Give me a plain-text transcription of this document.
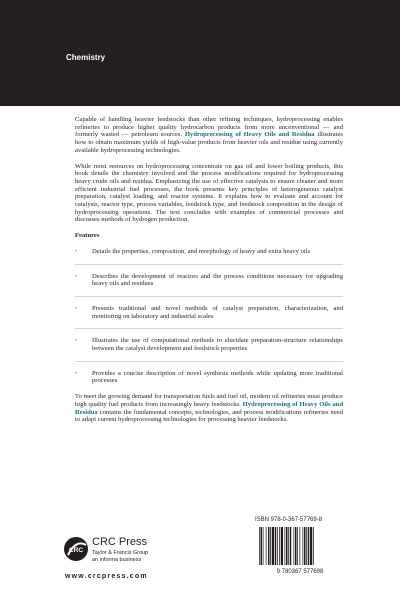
Chemistry

Capable of handling heavier feedstocks than other refining techniques, hydroprocessing enables refineries to produce higher quality hydrocarbon products from more unconventional — and formerly wasted — petroleum sources. Hydroprocessing of Heavy Oils and Residua illustrates how to obtain maximum yields of high-value products from heavier oils and residue using currently available hydroprocessing technologies.

While most resources on hydroprocessing concentrate on gas oil and lower boiling products, this book details the chemistry involved and the process modifications required for hydroprocessing heavy crude oils and residua. Emphasizing the use of effective catalysts to ensure cleaner and more efficient industrial fuel processes, the book presents key principles of heterogeneous catalyst preparation, catalyst loading, and reactor systems. It explains how to evaluate and account for catalysts, reactor type, process variables, feedstock type, and feedstock composition in the design of hydroprocessing operations. The text concludes with examples of commercial processes and discusses methods of hydrogen production.

Features
• Details the properties, composition, and morphology of heavy and extra heavy oils
• Describes the development of reactors and the process conditions necessary for upgrading heavy oils and residues
• Presents traditional and novel methods of catalyst preparation, characterization, and monitoring on laboratory and industrial scales
• Illustrates the use of computational methods to elucidate preparation-structure relationships between the catalyst development and feedstock properties
• Provides a concise description of novel synthesis methods while updating more traditional processes

To meet the growing demand for transportation fuels and fuel oil, modern oil refineries must produce high quality fuel products from increasingly heavy feedstocks. Hydroprocessing of Heavy Oils and Residua contains the fundamental concepts, technologies, and process modifications refineries need to adapt current hydroprocessing technologies for processing heavier feedstocks.

CRC
CRC Press
Taylor & Francis Group
an informa business
www.crcpress.com
ISBN 978-0-367-57769-8
9 780367 577698
